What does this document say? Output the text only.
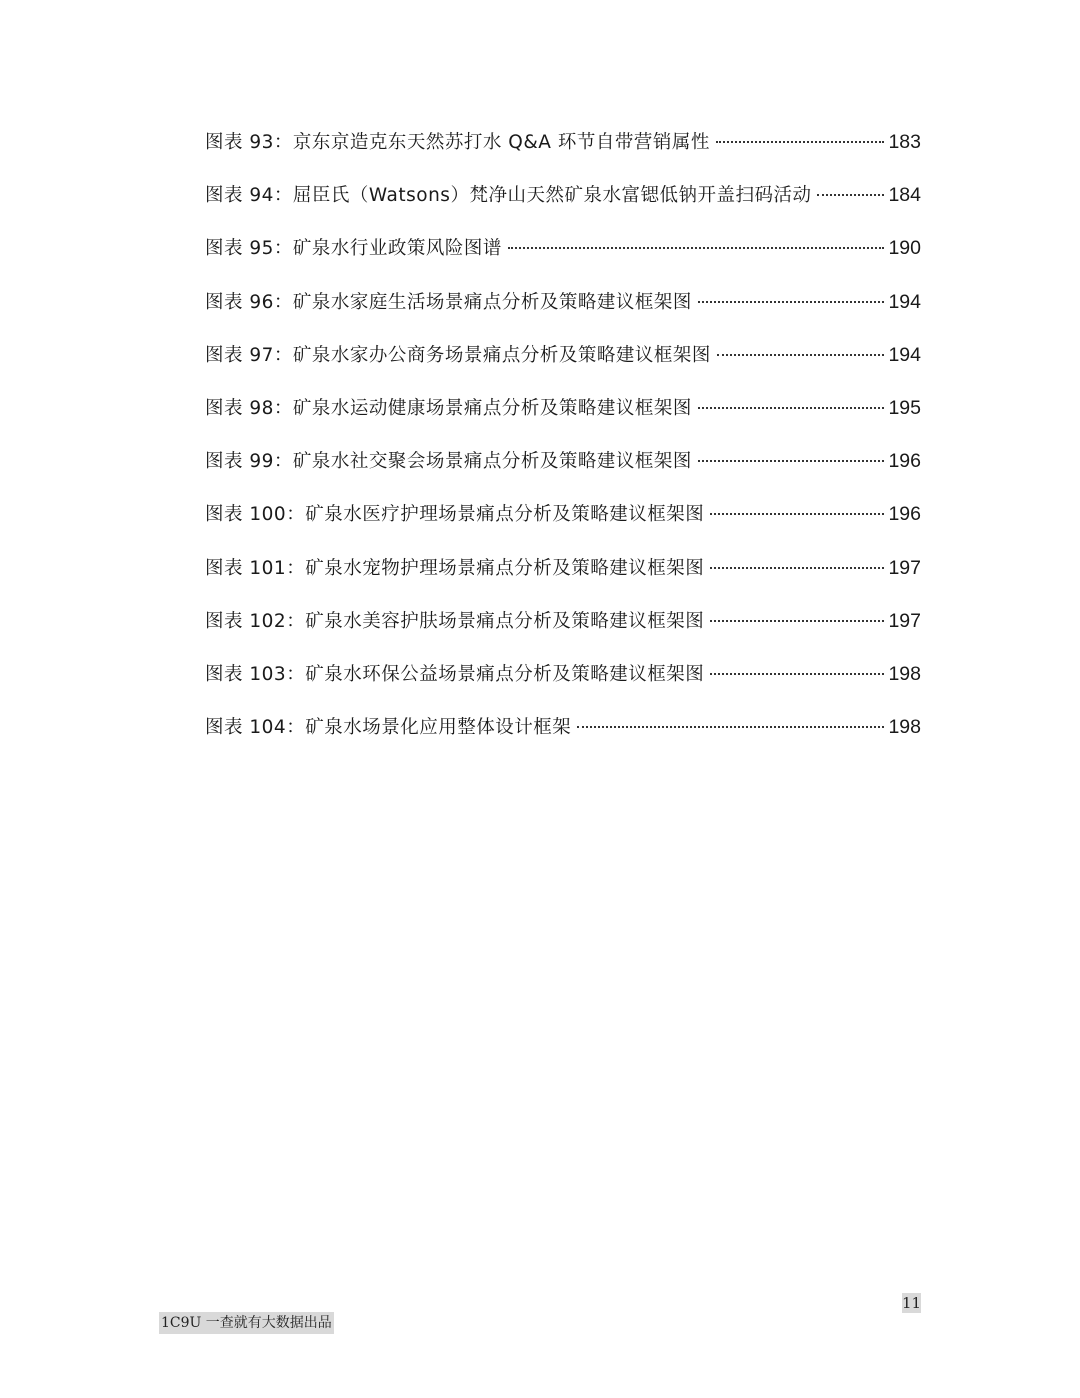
图表 93：京东京造克东天然苏打水 Q&A 环节自带营销属性	183
图表 94：屈臣氏（Watsons）梵净山天然矿泉水富锶低钠开盖扫码活动	184
图表 95：矿泉水行业政策风险图谱	190
图表 96：矿泉水家庭生活场景痛点分析及策略建议框架图	194
图表 97：矿泉水家办公商务场景痛点分析及策略建议框架图	194
图表 98：矿泉水运动健康场景痛点分析及策略建议框架图	195
图表 99：矿泉水社交聚会场景痛点分析及策略建议框架图	196
图表 100：矿泉水医疗护理场景痛点分析及策略建议框架图	196
图表 101：矿泉水宠物护理场景痛点分析及策略建议框架图	197
图表 102：矿泉水美容护肤场景痛点分析及策略建议框架图	197
图表 103：矿泉水环保公益场景痛点分析及策略建议框架图	198
图表 104：矿泉水场景化应用整体设计框架	198
11
1C9U 一查就有大数据出品
